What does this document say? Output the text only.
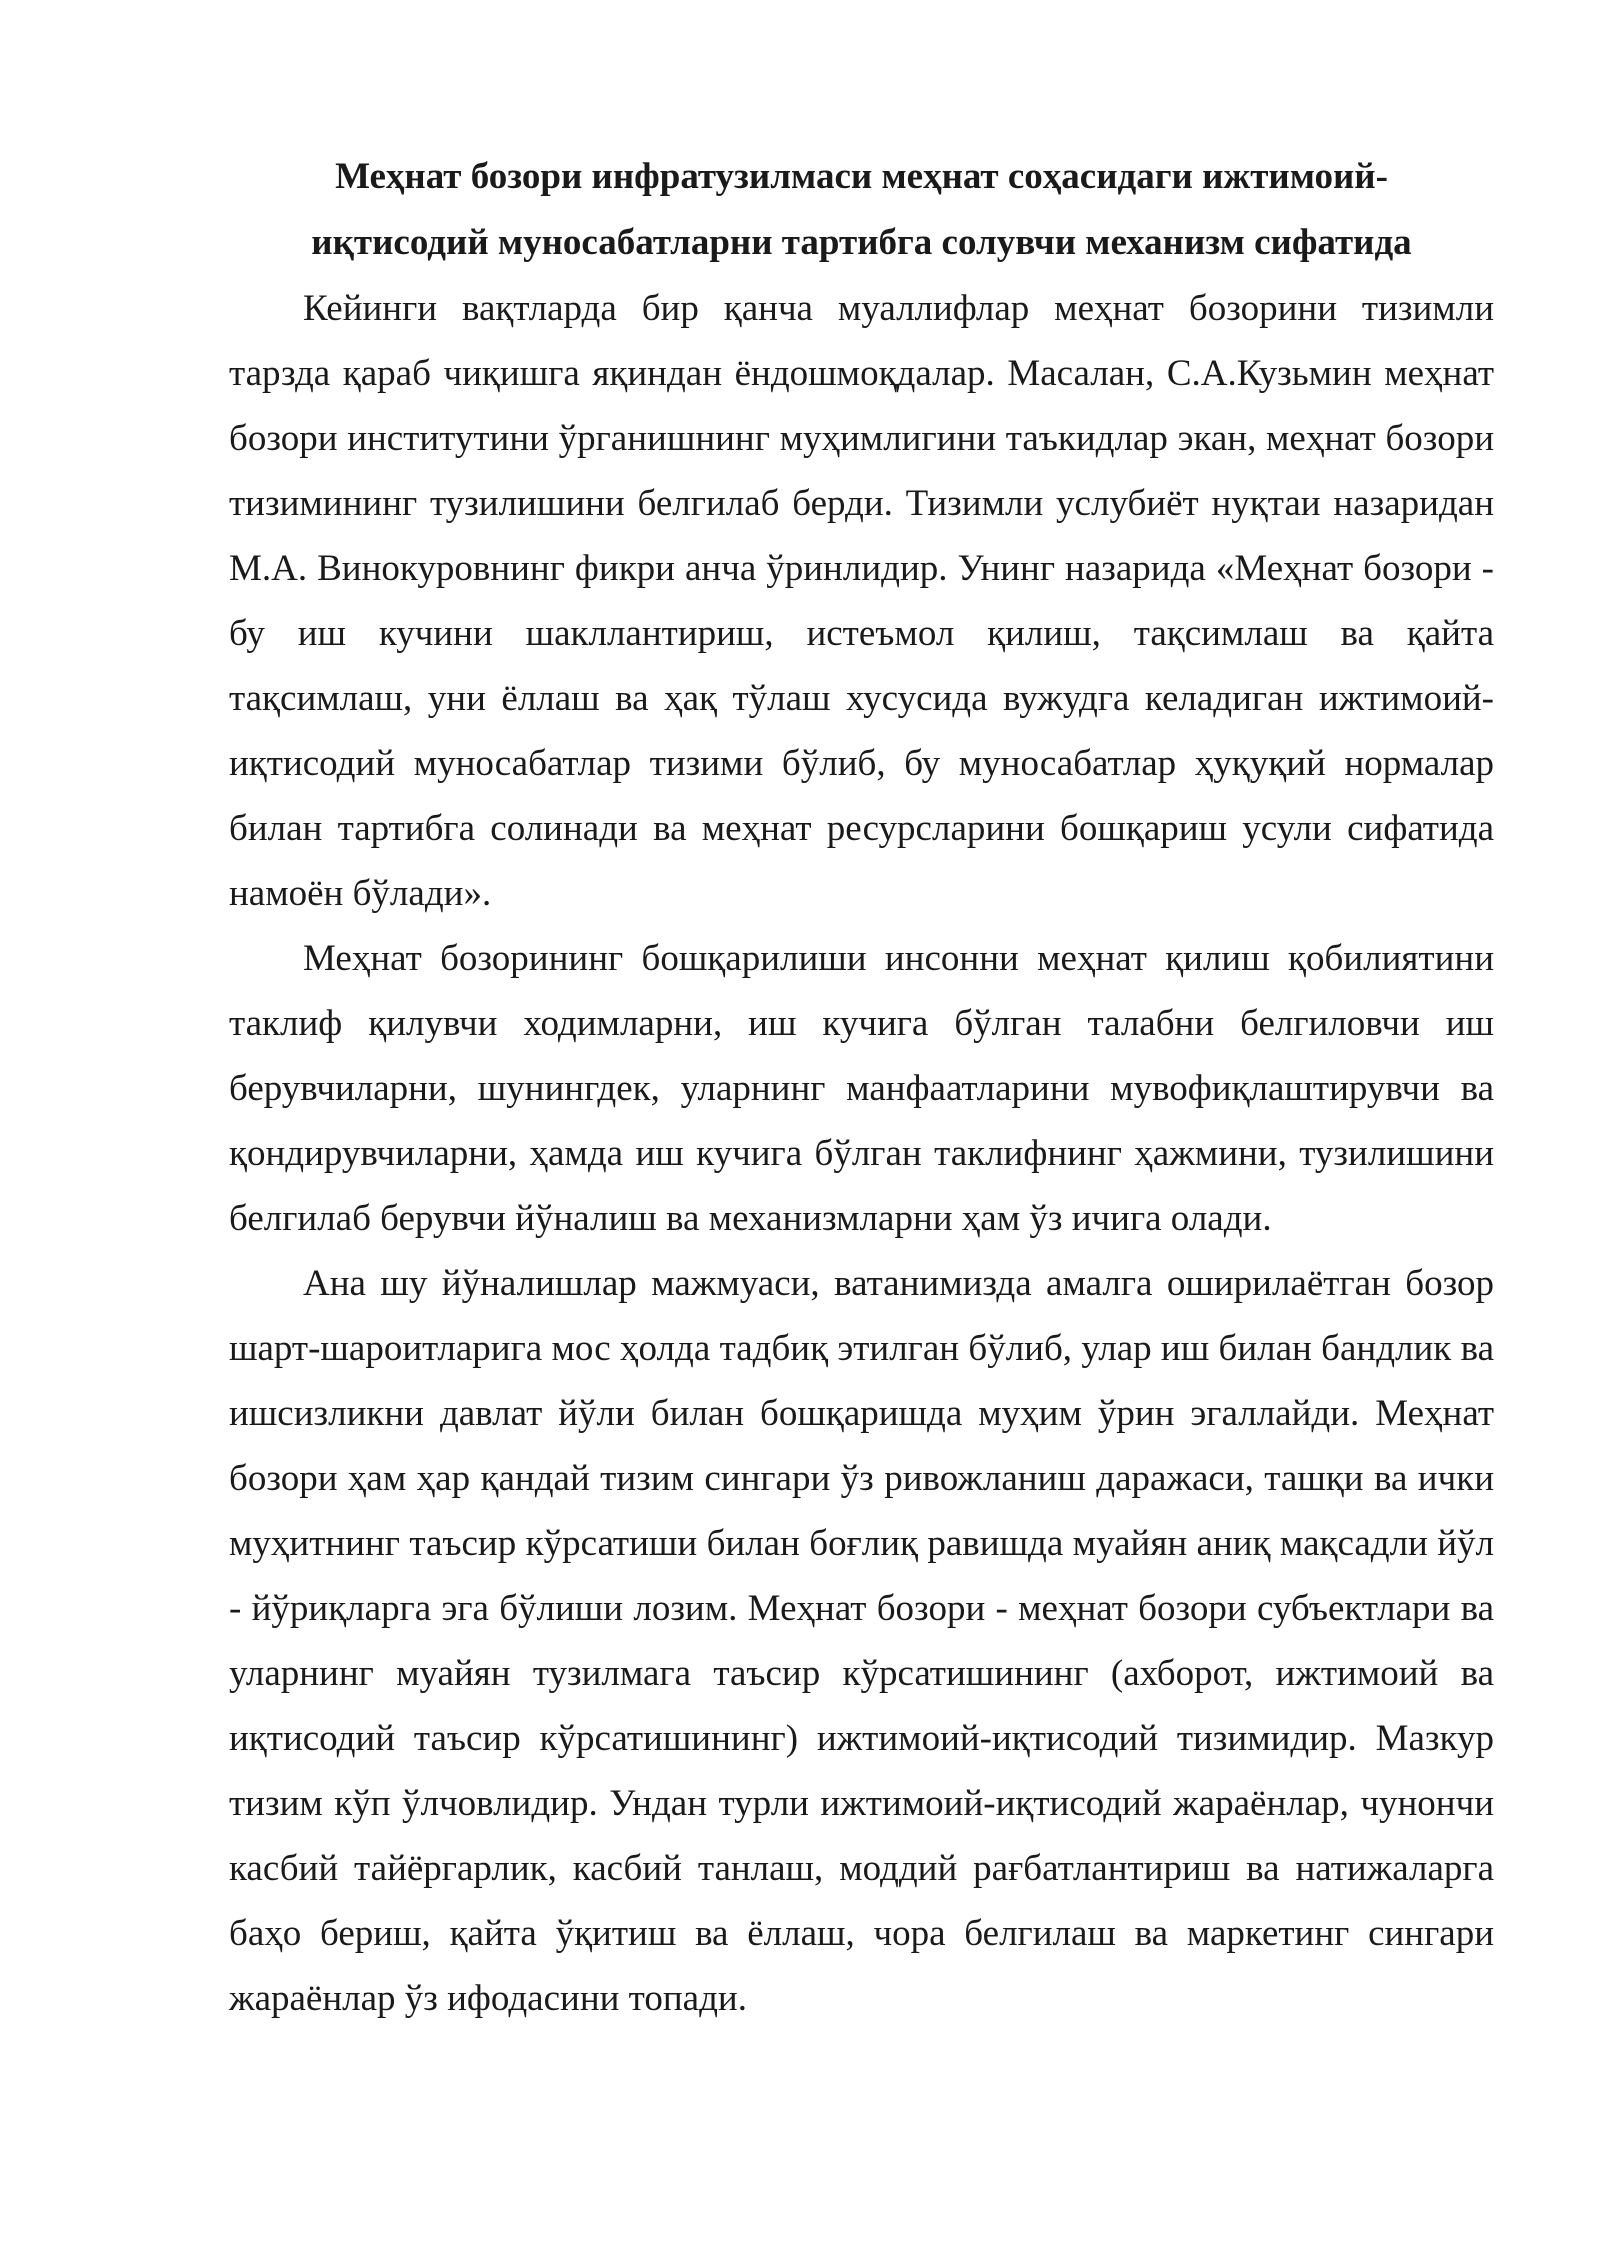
Меҳнат бозори инфратузилмаси меҳнат соҳасидаги ижтимоий-
иқтисодий муносабатларни тартибга солувчи механизм сифатида

Кейинги вақтларда бир қанча муаллифлар меҳнат бозорини тизимли тарзда қараб чиқишга яқиндан ёндошмоқдалар. Масалан, С.А.Кузьмин меҳнат бозори институтини ўрганишнинг муҳимлигини таъкидлар экан, меҳнат бозори тизимининг тузилишини белгилаб берди. Тизимли услубиёт нуқтаи назаридан М.А. Винокуровнинг фикри анча ўринлидир. Унинг назарида «Меҳнат бозори - бу иш кучини шакллантириш, истеъмол қилиш, тақсимлаш ва қайта тақсимлаш, уни ёллаш ва ҳақ тўлаш хусусида вужудга келадиган ижтимоий-иқтисодий муносабатлар тизими бўлиб, бу муносабатлар ҳуқуқий нормалар билан тартибга солинади ва меҳнат ресурсларини бошқариш усули сифатида намоён бўлади».

Меҳнат бозорининг бошқарилиши инсонни меҳнат қилиш қобилиятини таклиф қилувчи ходимларни, иш кучига бўлган талабни белгиловчи иш берувчиларни, шунингдек, уларнинг манфаатларини мувофиқлаштирувчи ва қондирувчиларни, ҳамда иш кучига бўлган таклифнинг ҳажмини, тузилишини белгилаб берувчи йўналиш ва механизмларни ҳам ўз ичига олади.

Ана шу йўналишлар мажмуаси, ватанимизда амалга оширилаётган бозор шарт-шароитларига мос ҳолда тадбиқ этилган бўлиб, улар иш билан бандлик ва ишсизликни давлат йўли билан бошқаришда муҳим ўрин эгаллайди. Меҳнат бозори ҳам ҳар қандай тизим сингари ўз ривожланиш даражаси, ташқи ва ички муҳитнинг таъсир кўрсатиши билан боғлиқ равишда муайян аниқ мақсадли йўл - йўриқларга эга бўлиши лозим. Меҳнат бозори - меҳнат бозори субъектлари ва уларнинг муайян тузилмага таъсир кўрсатишининг (ахборот, ижтимоий ва иқтисодий таъсир кўрсатишининг) ижтимоий-иқтисодий тизимидир. Мазкур тизим кўп ўлчовлидир. Ундан турли ижтимоий-иқтисодий жараёнлар, чунончи касбий тайёргарлик, касбий танлаш, моддий рағбатлантириш ва натижаларга баҳо бериш, қайта ўқитиш ва ёллаш, чора белгилаш ва маркетинг сингари жараёнлар ўз ифодасини топади.
